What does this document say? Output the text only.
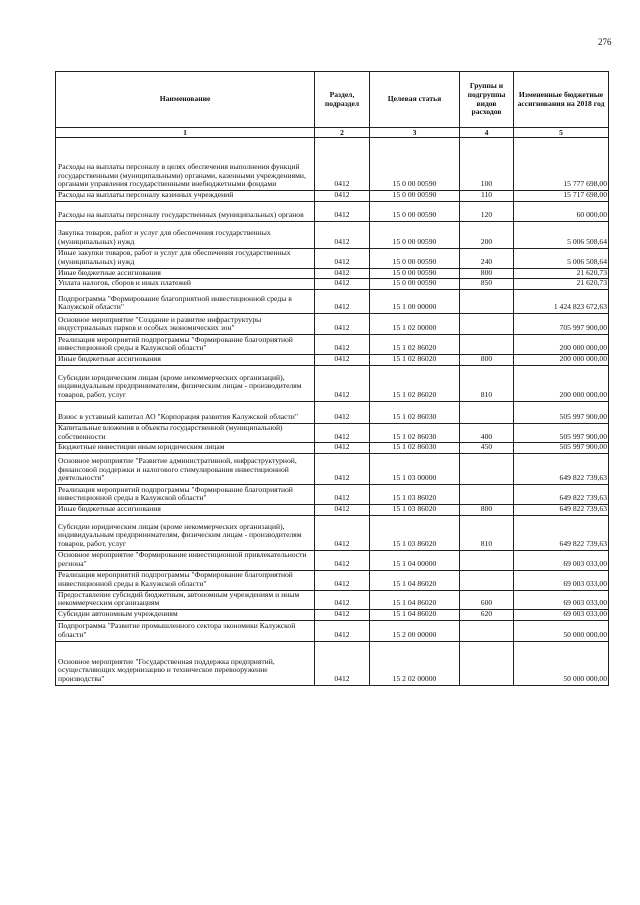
276
Наименование	Раздел, подраздел	Целевая статья	Группы и подгруппы видов расходов	Измененные бюджетные ассигнования на 2018 год
1	2	3	4	5
Расходы на выплаты персоналу в целях обеспечения выполнения функций государственными (муниципальными) органами, казенными учреждениями, органами управления государственными внебюджетными фондами	0412	15 0 00 00590	100	15 777 698,00
Расходы на выплаты персоналу казенных учреждений	0412	15 0 00 00590	110	15 717 698,00
Расходы на выплаты персоналу государственных (муниципальных) органов	0412	15 0 00 00590	120	60 000,00
Закупка товаров, работ и услуг для обеспечения государственных (муниципальных) нужд	0412	15 0 00 00590	200	5 006 508,64
Иные закупки товаров, работ и услуг для обеспечения государственных (муниципальных) нужд	0412	15 0 00 00590	240	5 006 508,64
Иные бюджетные ассигнования	0412	15 0 00 00590	800	21 620,73
Уплата налогов, сборов и иных платежей	0412	15 0 00 00590	850	21 620,73
Подпрограмма "Формирование благоприятной инвестиционной среды в Калужской области"	0412	15 1 00 00000		1 424 823 672,63
Основное мероприятие "Создание и развитие инфраструктуры индустриальных парков и особых экономических зон"	0412	15 1 02 00000		705 997 900,00
Реализация мероприятий подпрограммы "Формирование благоприятной инвестиционной среды в Калужской области"	0412	15 1 02 86020		200 000 000,00
Иные бюджетные ассигнования	0412	15 1 02 86020	800	200 000 000,00
Субсидии юридическим лицам (кроме некоммерческих организаций), индивидуальным предпринимателям, физическим лицам - производителям товаров, работ, услуг	0412	15 1 02 86020	810	200 000 000,00
Взнос в уставный капитал АО "Корпорация развития Калужской области"	0412	15 1 02 86030		505 997 900,00
Капитальные вложения в объекты государственной (муниципальной) собственности	0412	15 1 02 86030	400	505 997 900,00
Бюджетные инвестиции иным юридическим лицам	0412	15 1 02 86030	450	505 997 900,00
Основное мероприятие "Развитие административной, инфраструктурной, финансовой поддержки и налогового стимулирования инвестиционной деятельности"	0412	15 1 03 00000		649 822 739,63
Реализация мероприятий подпрограммы "Формирование благоприятной инвестиционной среды в Калужской области"	0412	15 1 03 86020		649 822 739,63
Иные бюджетные ассигнования	0412	15 1 03 86020	800	649 822 739,63
Субсидии юридическим лицам (кроме некоммерческих организаций), индивидуальным предпринимателям, физическим лицам - производителям товаров, работ, услуг	0412	15 1 03 86020	810	649 822 739,63
Основное мероприятие "Формирование инвестиционной привлекательности региона"	0412	15 1 04 00000		69 003 033,00
Реализация мероприятий подпрограммы "Формирование благоприятной инвестиционной среды в Калужской области"	0412	15 1 04 86020		69 003 033,00
Предоставление субсидий бюджетным, автономным учреждениям и иным некоммерческим организациям	0412	15 1 04 86020	600	69 003 033,00
Субсидии автономным учреждениям	0412	15 1 04 86020	620	69 003 033,00
Подпрограмма "Развитие промышленного сектора экономики Калужской области"	0412	15 2 00 00000		50 000 000,00
Основное мероприятие "Государственная поддержка предприятий, осуществляющих модернизацию и техническое перевооружение производства"	0412	15 2 02 00000		50 000 000,00
